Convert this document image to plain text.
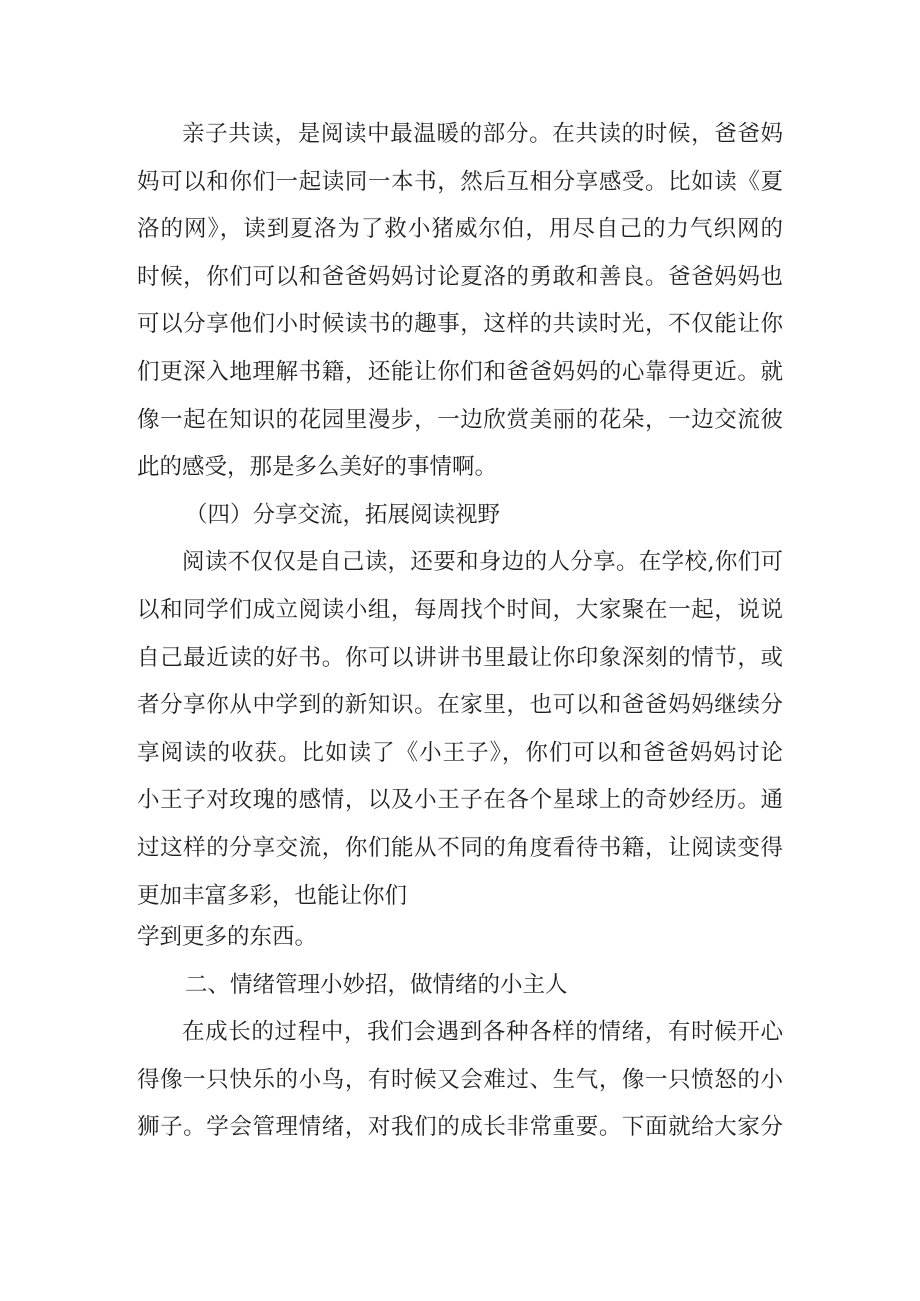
亲子共读，是阅读中最温暖的部分。在共读的时候，爸爸妈
妈可以和你们一起读同一本书，然后互相分享感受。比如读《夏
洛的网》，读到夏洛为了救小猪威尔伯，用尽自己的力气织网的
时候，你们可以和爸爸妈妈讨论夏洛的勇敢和善良。爸爸妈妈也
可以分享他们小时候读书的趣事，这样的共读时光，不仅能让你
们更深入地理解书籍，还能让你们和爸爸妈妈的心靠得更近。就
像一起在知识的花园里漫步，一边欣赏美丽的花朵，一边交流彼
此的感受，那是多么美好的事情啊。
（四）分享交流，拓展阅读视野
阅读不仅仅是自己读，还要和身边的人分享。在学校,你们可
以和同学们成立阅读小组，每周找个时间，大家聚在一起，说说
自己最近读的好书。你可以讲讲书里最让你印象深刻的情节，或
者分享你从中学到的新知识。在家里，也可以和爸爸妈妈继续分
享阅读的收获。比如读了《小王子》，你们可以和爸爸妈妈讨论
小王子对玫瑰的感情，以及小王子在各个星球上的奇妙经历。通
过这样的分享交流，你们能从不同的角度看待书籍，让阅读变得
更加丰富多彩，也能让你们
学到更多的东西。
二、情绪管理小妙招，做情绪的小主人
在成长的过程中，我们会遇到各种各样的情绪，有时候开心
得像一只快乐的小鸟，有时候又会难过、生气，像一只愤怒的小
狮子。学会管理情绪，对我们的成长非常重要。下面就给大家分
